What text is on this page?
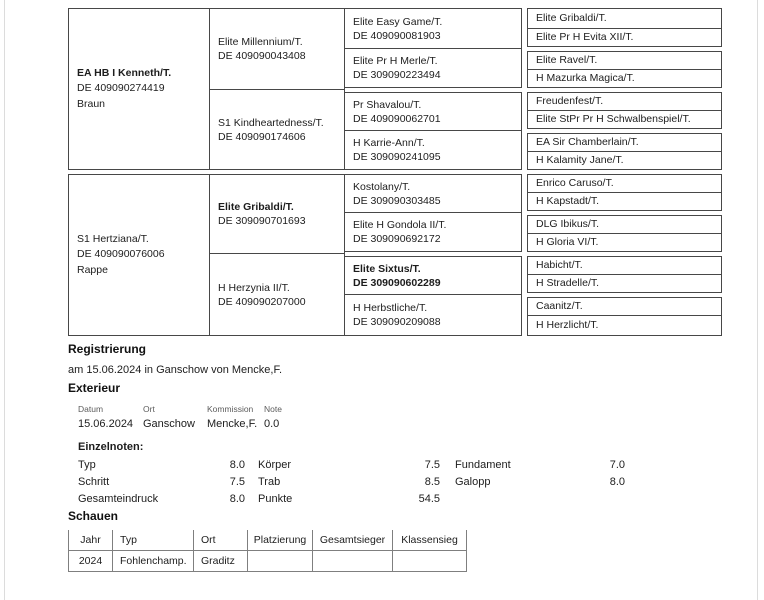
EA HB I Kenneth/T.
DE 409090274419
Braun
S1 Hertziana/T.
DE 409090076006
Rappe
Elite Millennium/T.
DE 409090043408
S1 Kindheartedness/T.
DE 409090174606
Elite Gribaldi/T.
DE 309090701693
H Herzynia II/T.
DE 409090207000
Elite Easy Game/T.
DE 409090081903
Elite Pr H Merle/T.
DE 309090223494
Pr Shavalou/T.
DE 409090062701
H Karrie-Ann/T.
DE 309090241095
Kostolany/T.
DE 309090303485
Elite H Gondola II/T.
DE 309090692172
Elite Sixtus/T.
DE 309090602289
H Herbstliche/T.
DE 309090209088
Elite Gribaldi/T.
Elite Pr H Evita XII/T.
Elite Ravel/T.
H Mazurka Magica/T.
Freudenfest/T.
Elite StPr Pr H Schwalbenspiel/T.
EA Sir Chamberlain/T.
H Kalamity Jane/T.
Enrico Caruso/T.
H Kapstadt/T.
DLG Ibikus/T.
H Gloria VI/T.
Habicht/T.
H Stradelle/T.
Caanitz/T.
H Herzlicht/T.
Registrierung
am 15.06.2024 in Ganschow von Mencke,F.
Exterieur
Datum	Ort	Kommission	Note
15.06.2024 Ganschow	Mencke,F. 0.0
Einzelnoten:
Typ	8.0 Körper	7.5 Fundament	7.0
Schritt	7.5 Trab	8.5 Galopp	8.0
Gesamteindruck	8.0 Punkte	54.5
Schauen
Jahr	Typ	Ort	Platzierung	Gesamtsieger	Klassensieg
2024	Fohlenchamp.	Graditz			
